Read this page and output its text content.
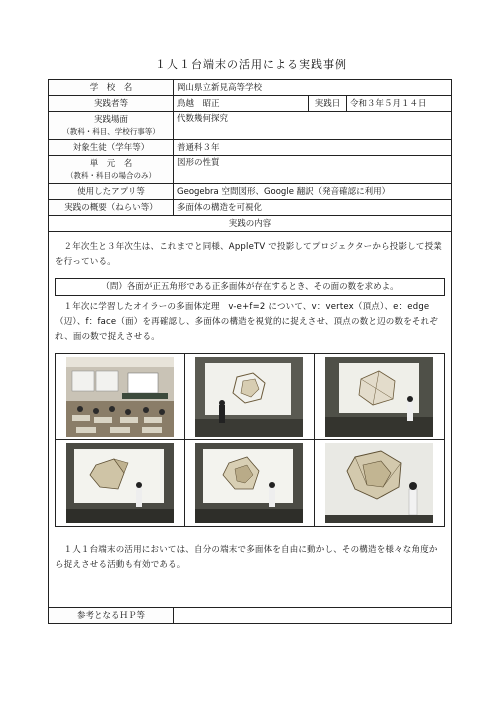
１人１台端末の活用による実践事例
学　校　名	岡山県立新見高等学校		
実践者等	鳥越　昭正	実践日	令和３年５月１４日
実践場面
（教科・科目、学校行事等）	代数幾何探究		
対象生徒（学年等）	普通科３年		
単　元　名
（教科・科目の場合のみ）	図形の性質		
使用したアプリ等	Geogebra 空間図形、Google 翻訳（発音確認に利用）		
実践の概要（ねらい等）	多面体の構造を可視化		
実践の内容			

２年次生と３年次生は、これまでと同様、AppleTV で投影してプロジェクターから投影して授業を行っている。

（問）各面が正五角形である正多面体が存在するとき、その面の数を求めよ。

１年次に学習したオイラーの多面体定理　v-e+f=2 について、v：vertex（頂点）、e：edge（辺）、f：face（面）を再確認し、多面体の構造を視覚的に捉えさせ、頂点の数と辺の数をそれぞれ、面の数で捉えさせる。

１人１台端末の活用においては、自分の端末で多面体を自由に動かし、その構造を様々な角度から捉えさせる活動も有効である。			

参考となるＨＰ等			
